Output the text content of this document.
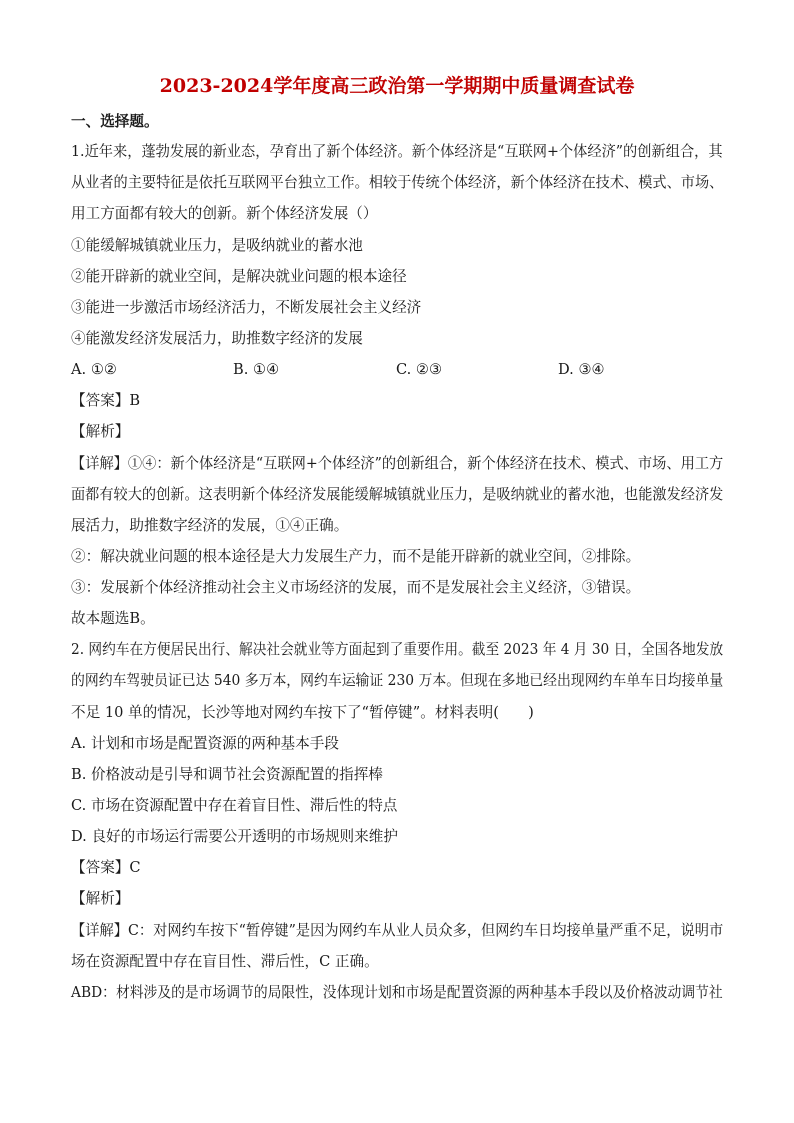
2023-2024学年度高三政治第一学期期中质量调查试卷
一、选择题。
1.近年来，蓬勃发展的新业态，孕育出了新个体经济。新个体经济是“互联网+个体经济”的创新组合，其
从业者的主要特征是依托互联网平台独立工作。相较于传统个体经济，新个体经济在技术、模式、市场、
用工方面都有较大的创新。新个体经济发展（）
①能缓解城镇就业压力，是吸纳就业的蓄水池
②能开辟新的就业空间，是解决就业问题的根本途径
③能进一步激活市场经济活力，不断发展社会主义经济
④能激发经济发展活力，助推数字经济的发展
A. ①②	B. ①④	C. ②③	D. ③④
【答案】B
【解析】
【详解】①④：新个体经济是“互联网+个体经济”的创新组合，新个体经济在技术、模式、市场、用工方
面都有较大的创新。这表明新个体经济发展能缓解城镇就业压力，是吸纳就业的蓄水池，也能激发经济发
展活力，助推数字经济的发展，①④正确。
②：解决就业问题的根本途径是大力发展生产力，而不是能开辟新的就业空间，②排除。
③：发展新个体经济推动社会主义市场经济的发展，而不是发展社会主义经济，③错误。
故本题选B。
2. 网约车在方便居民出行、解决社会就业等方面起到了重要作用。截至 2023 年 4 月 30 日，全国各地发放
的网约车驾驶员证已达 540 多万本，网约车运输证 230 万本。但现在多地已经出现网约车单车日均接单量
不足 10 单的情况，长沙等地对网约车按下了“暂停键”。材料表明(　　)
A. 计划和市场是配置资源的两种基本手段
B. 价格波动是引导和调节社会资源配置的指挥棒
C. 市场在资源配置中存在着盲目性、滞后性的特点
D. 良好的市场运行需要公开透明的市场规则来维护
【答案】C
【解析】
【详解】C：对网约车按下“暂停键”是因为网约车从业人员众多，但网约车日均接单量严重不足，说明市
场在资源配置中存在盲目性、滞后性，C 正确。
ABD：材料涉及的是市场调节的局限性，没体现计划和市场是配置资源的两种基本手段以及价格波动调节社
